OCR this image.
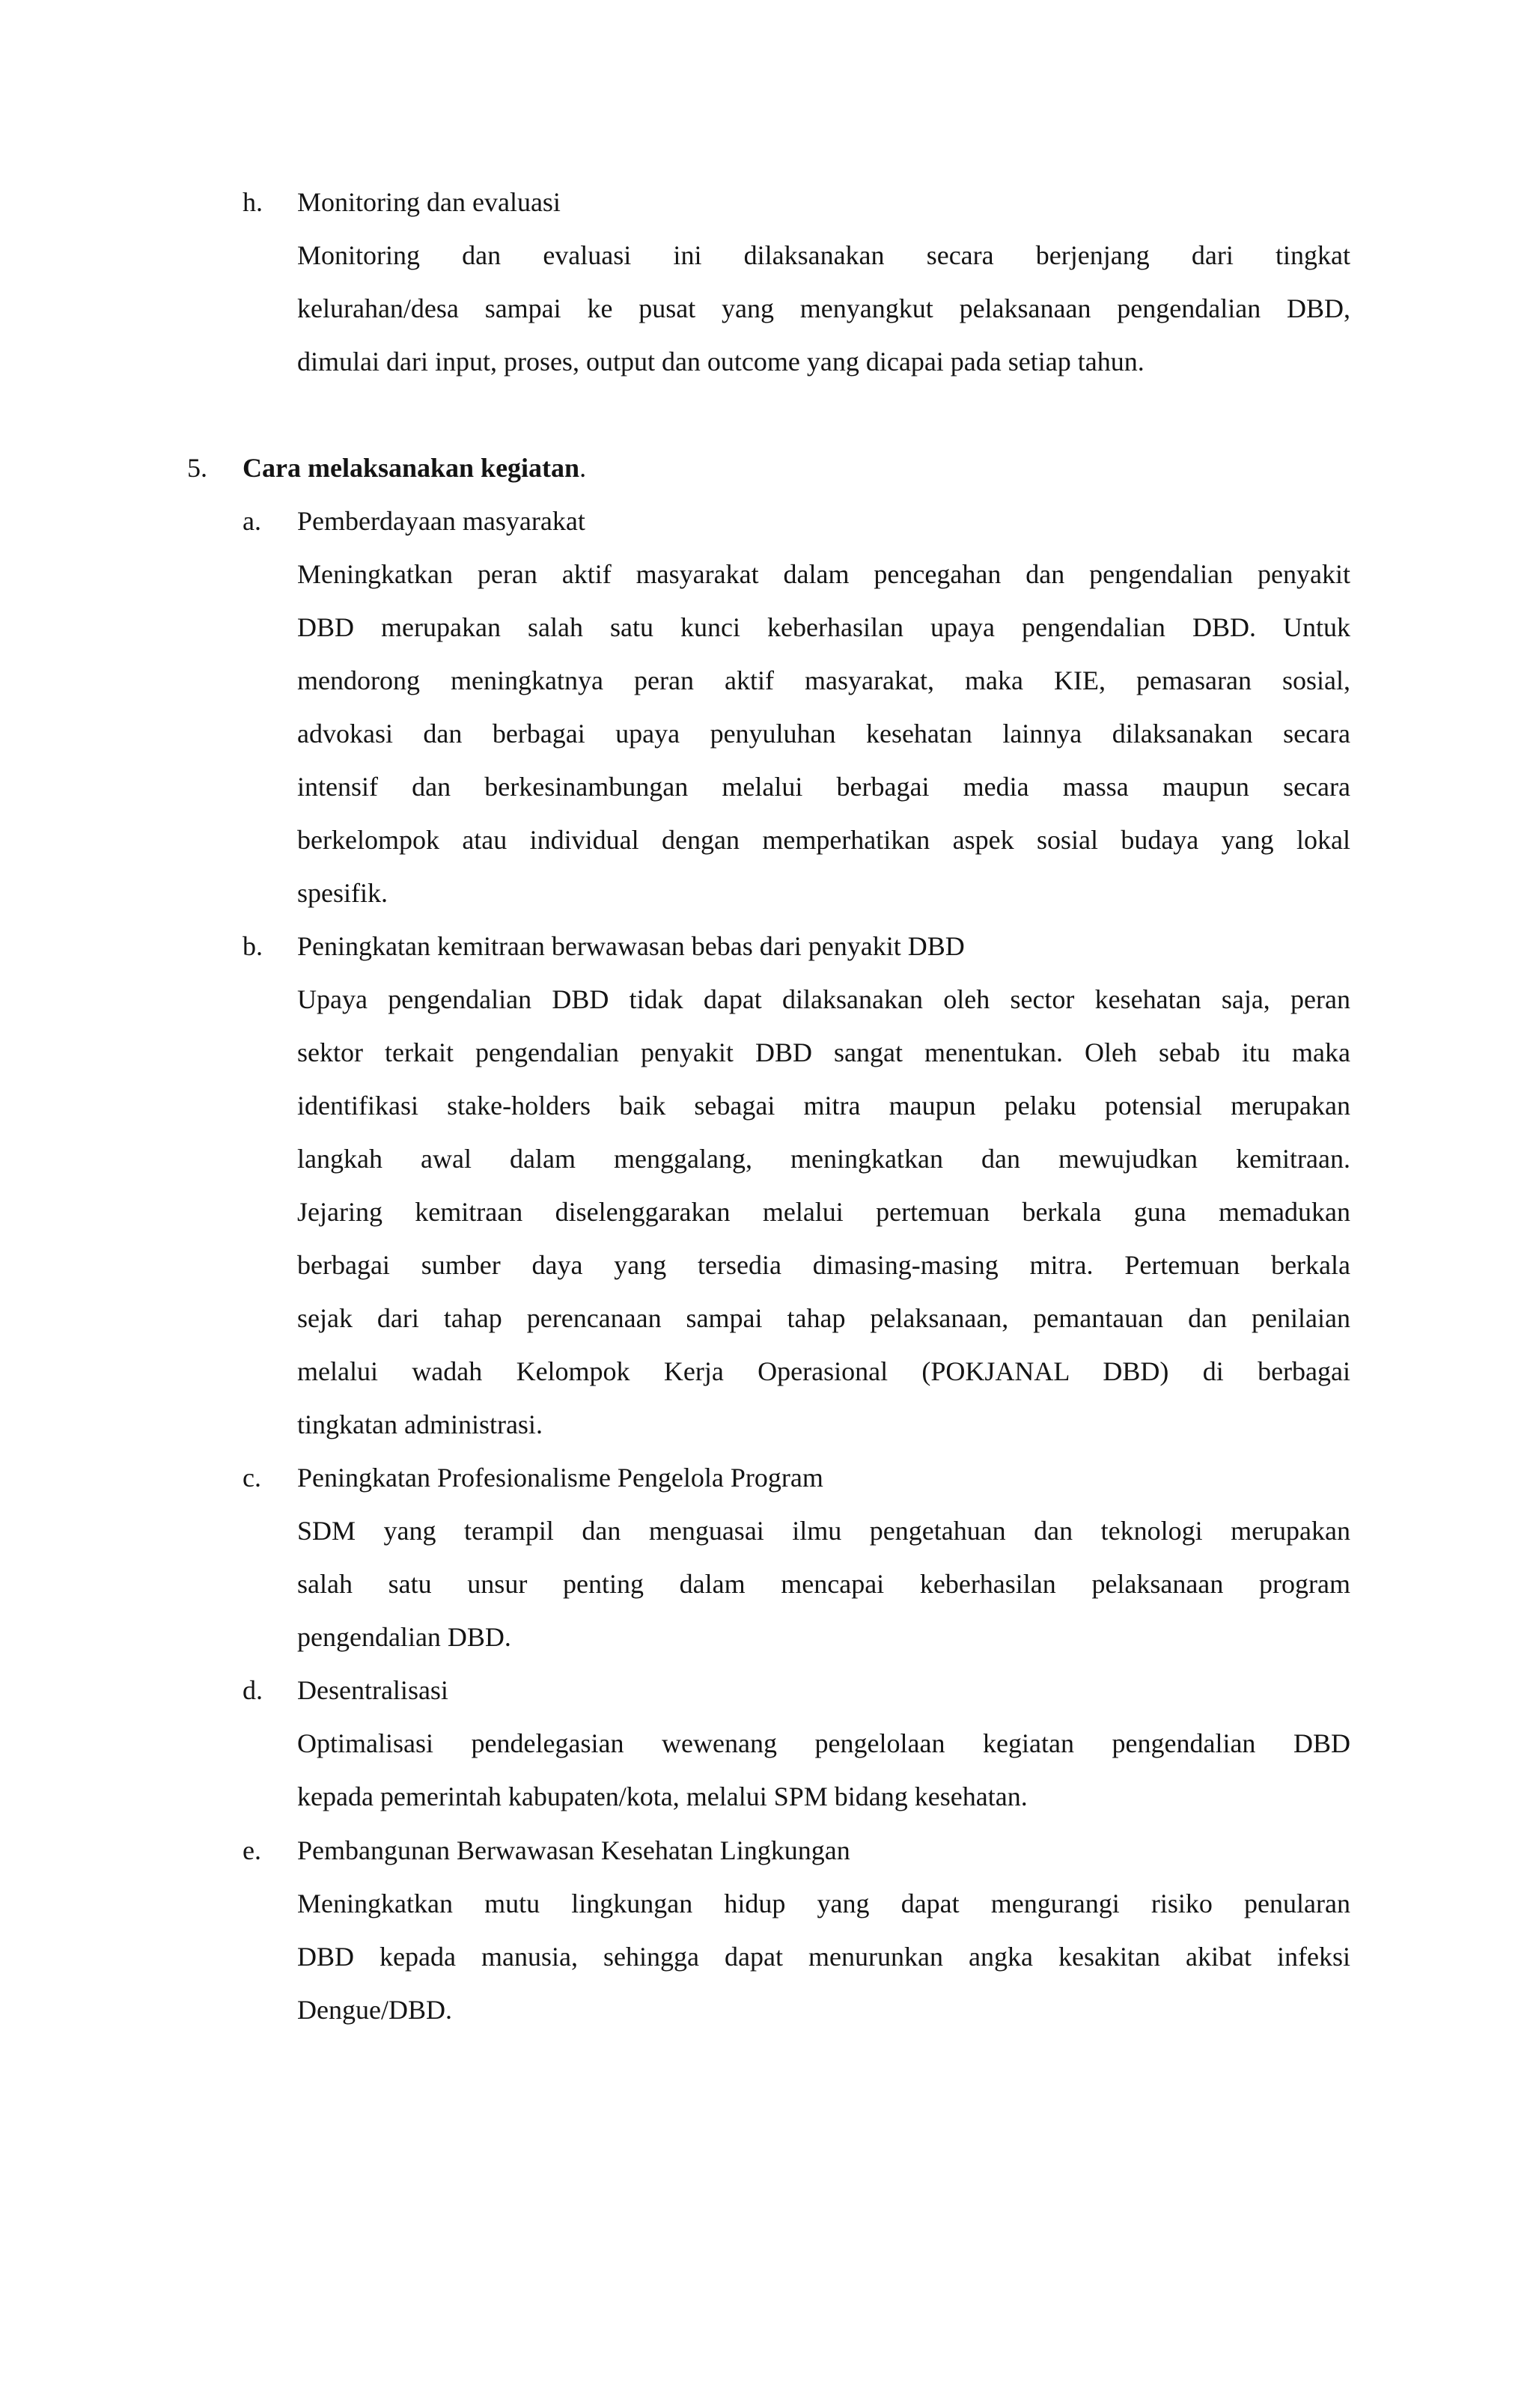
h. Monitoring dan evaluasi
Monitoring dan evaluasi ini dilaksanakan secara berjenjang dari tingkat
kelurahan/desa sampai ke pusat yang menyangkut pelaksanaan pengendalian DBD,
dimulai dari input, proses, output dan outcome yang dicapai pada setiap tahun.
5. Cara melaksanakan kegiatan.
a. Pemberdayaan masyarakat
Meningkatkan peran aktif masyarakat dalam pencegahan dan pengendalian penyakit
DBD merupakan salah satu kunci keberhasilan upaya pengendalian DBD. Untuk
mendorong meningkatnya peran aktif masyarakat, maka KIE, pemasaran sosial,
advokasi dan berbagai upaya penyuluhan kesehatan lainnya dilaksanakan secara
intensif dan berkesinambungan melalui berbagai media massa maupun secara
berkelompok atau individual dengan memperhatikan aspek sosial budaya yang lokal
spesifik.
b. Peningkatan kemitraan berwawasan bebas dari penyakit DBD
Upaya pengendalian DBD tidak dapat dilaksanakan oleh sector kesehatan saja, peran
sektor terkait pengendalian penyakit DBD sangat menentukan. Oleh sebab itu maka
identifikasi stake-holders baik sebagai mitra maupun pelaku potensial merupakan
langkah awal dalam menggalang, meningkatkan dan mewujudkan kemitraan.
Jejaring kemitraan diselenggarakan melalui pertemuan berkala guna memadukan
berbagai sumber daya yang tersedia dimasing-masing mitra. Pertemuan berkala
sejak dari tahap perencanaan sampai tahap pelaksanaan, pemantauan dan penilaian
melalui wadah Kelompok Kerja Operasional (POKJANAL DBD) di berbagai
tingkatan administrasi.
c. Peningkatan Profesionalisme Pengelola Program
SDM yang terampil dan menguasai ilmu pengetahuan dan teknologi merupakan
salah satu unsur penting dalam mencapai keberhasilan pelaksanaan program
pengendalian DBD.
d. Desentralisasi
Optimalisasi pendelegasian wewenang pengelolaan kegiatan pengendalian DBD
kepada pemerintah kabupaten/kota, melalui SPM bidang kesehatan.
e. Pembangunan Berwawasan Kesehatan Lingkungan
Meningkatkan mutu lingkungan hidup yang dapat mengurangi risiko penularan
DBD kepada manusia, sehingga dapat menurunkan angka kesakitan akibat infeksi
Dengue/DBD.
